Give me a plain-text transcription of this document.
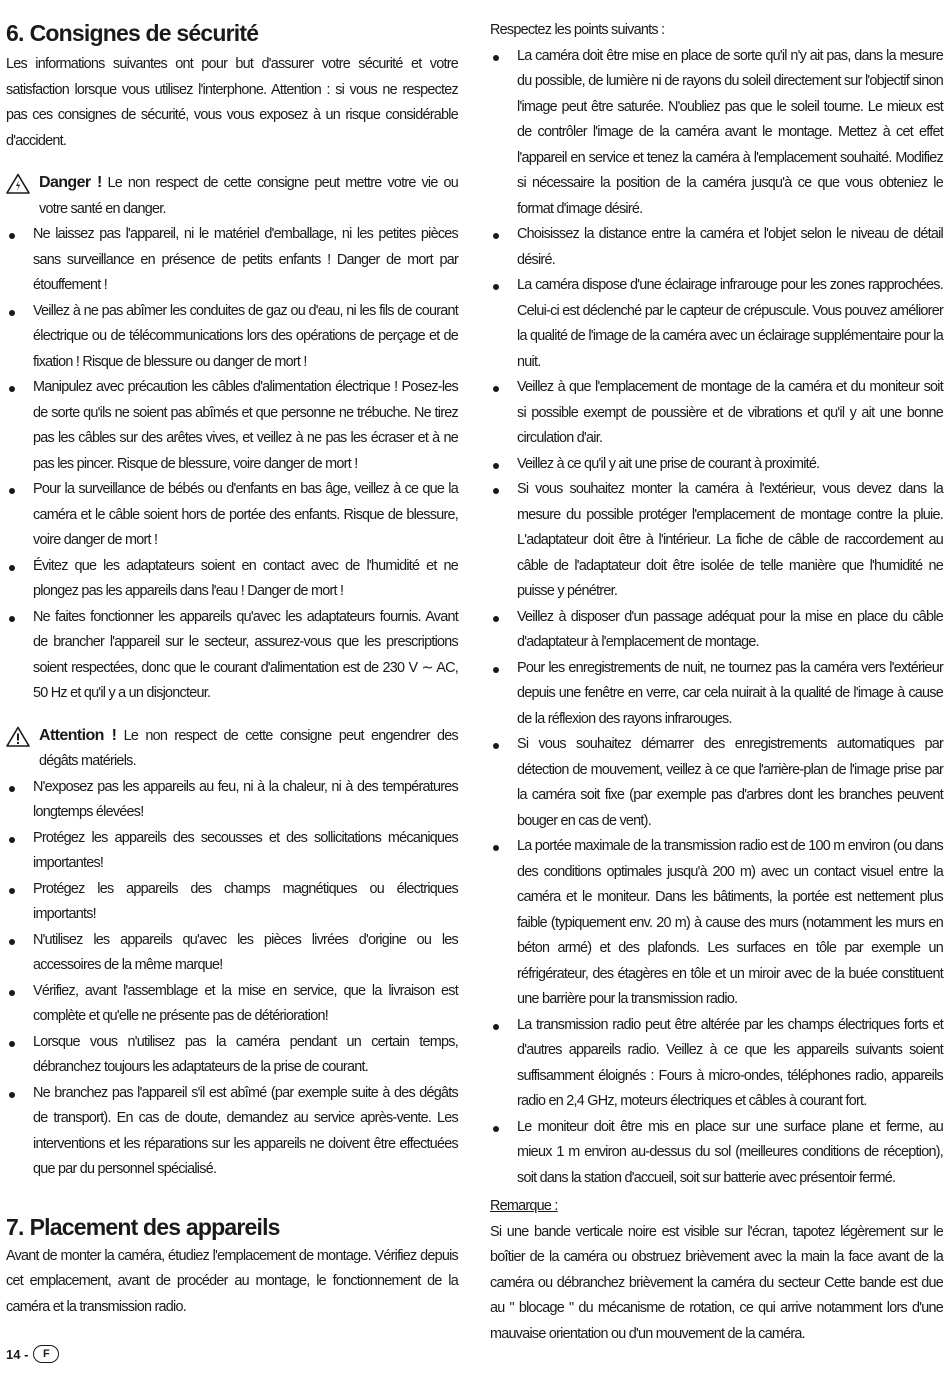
6. Consignes de sécurité

Les informations suivantes ont pour but d'assurer votre sécurité et votre satisfaction lorsque vous utilisez l'interphone. Attention : si vous ne respectez pas ces consignes de sécurité, vous vous exposez à un risque considérable d'accident.

Danger ! Le non respect de cette consigne peut mettre votre vie ou votre santé en danger.

Ne laissez pas l'appareil, ni le matériel d'emballage, ni les petites pièces sans surveillance en présence de petits enfants ! Danger de mort par étouffement !
Veillez à ne pas abîmer les conduites de gaz ou d'eau, ni les fils de courant électrique ou de télécommunications lors des opérations de perçage et de fixation ! Risque de blessure ou danger de mort !
Manipulez avec précaution les câbles d'alimentation électrique ! Posez-les de sorte qu'ils ne soient pas abîmés et que personne ne trébuche. Ne tirez pas les câbles sur des arêtes vives, et veillez à ne pas les écraser et à ne pas les pincer. Risque de blessure, voire danger de mort !
Pour la surveillance de bébés ou d'enfants en bas âge, veillez à ce que la caméra et le câble soient hors de portée des enfants. Risque de blessure, voire danger de mort !
Évitez que les adaptateurs soient en contact avec de l'humidité et ne plongez pas les appareils dans l'eau ! Danger de mort !
Ne faites fonctionner les appareils qu'avec les adaptateurs fournis. Avant de brancher l'appareil sur le secteur, assurez-vous que les prescriptions soient respectées, donc que le courant d'alimentation est de 230 V ∼ AC, 50 Hz et qu'il y a un disjoncteur.

Attention ! Le non respect de cette consigne peut engendrer des dégâts matériels.

N'exposez pas les appareils au feu, ni à la chaleur, ni à des températures longtemps élevées!
Protégez les appareils des secousses et des sollicitations mécaniques importantes!
Protégez les appareils des champs magnétiques ou électriques importants!
N'utilisez les appareils qu'avec les pièces livrées d'origine ou les accessoires de la même marque!
Vérifiez, avant l'assemblage et la mise en service, que la livraison est complète et qu'elle ne présente pas de détérioration!
Lorsque vous n'utilisez pas la caméra pendant un certain temps, débranchez toujours les adaptateurs de la prise de courant.
Ne branchez pas l'appareil s'il est abîmé (par exemple suite à des dégâts de transport). En cas de doute, demandez au service après-vente. Les interventions et les réparations sur les appareils ne doivent être effectuées que par du personnel spécialisé.
7. Placement des appareils

Avant de monter la caméra, étudiez l'emplacement de montage. Vérifiez depuis cet emplacement, avant de procéder au montage, le fonctionnement de la caméra et la transmission radio.

Respectez les points suivants :

La caméra doit être mise en place de sorte qu'il n'y ait pas, dans la mesure du possible, de lumière ni de rayons du soleil directement sur l'objectif sinon l'image peut être saturée. N'oubliez pas que le soleil tourne. Le mieux est de contrôler l'image de la caméra avant le montage. Mettez à cet effet l'appareil en service et tenez la caméra à l'emplacement souhaité. Modifiez si nécessaire la position de la caméra jusqu'à ce que vous obteniez le format d'image désiré.
Choisissez la distance entre la caméra et l'objet selon le niveau de détail désiré.
La caméra dispose d'une éclairage infrarouge pour les zones rapprochées. Celui-ci est déclenché par le capteur de crépuscule. Vous pouvez améliorer la qualité de l'image de la caméra avec un éclairage supplémentaire pour la nuit.
Veillez à que l'emplacement de montage de la caméra et du moniteur soit si possible exempt de poussière et de vibrations et qu'il y ait une bonne circulation d'air.
Veillez à ce qu'il y ait une prise de courant à proximité.
Si vous souhaitez monter la caméra à l'extérieur, vous devez dans la mesure du possible protéger l'emplacement de montage contre la pluie. L'adaptateur doit être à l'intérieur. La fiche de câble de raccordement au câble de l'adaptateur doit être isolée de telle manière que l'humidité ne puisse y pénétrer.
Veillez à disposer d'un passage adéquat pour la mise en place du câble d'adaptateur à l'emplacement de montage.
Pour les enregistrements de nuit, ne tournez pas la caméra vers l'extérieur depuis une fenêtre en verre, car cela nuirait à la qualité de l'image à cause de la réflexion des rayons infrarouges.
Si vous souhaitez démarrer des enregistrements automatiques par détection de mouvement, veillez à ce que l'arrière-plan de l'image prise par la caméra soit fixe (par exemple pas d'arbres dont les branches peuvent bouger en cas de vent).
La portée maximale de la transmission radio est de 100 m environ (ou dans des conditions optimales jusqu'à 200 m) avec un contact visuel entre la caméra et le moniteur. Dans les bâtiments, la portée est nettement plus faible (typiquement env. 20 m) à cause des murs (notamment les murs en béton armé) et des plafonds. Les surfaces en tôle par exemple un réfrigérateur, des étagères en tôle et un miroir avec de la buée constituent une barrière pour la transmission radio.
La transmission radio peut être altérée par les champs électriques forts et d'autres appareils radio. Veillez à ce que les appareils suivants soient suffisamment éloignés : Fours à micro-ondes, téléphones radio, appareils radio en 2,4 GHz, moteurs électriques et câbles à courant fort.
Le moniteur doit être mis en place sur une surface plane et ferme, au mieux 1 m environ au-dessus du sol (meilleures conditions de réception), soit dans la station d'accueil, soit sur batterie avec présentoir fermé.

Remarque :

Si une bande verticale noire est visible sur l'écran, tapotez légèrement sur le boîtier de la caméra ou obstruez brièvement avec la main la face avant de la caméra ou débranchez brièvement la caméra du secteur Cette bande est due au " blocage " du mécanisme de rotation, ce qui arrive notamment lors d'une mauvaise orientation ou d'un mouvement de la caméra.

14 -	F
